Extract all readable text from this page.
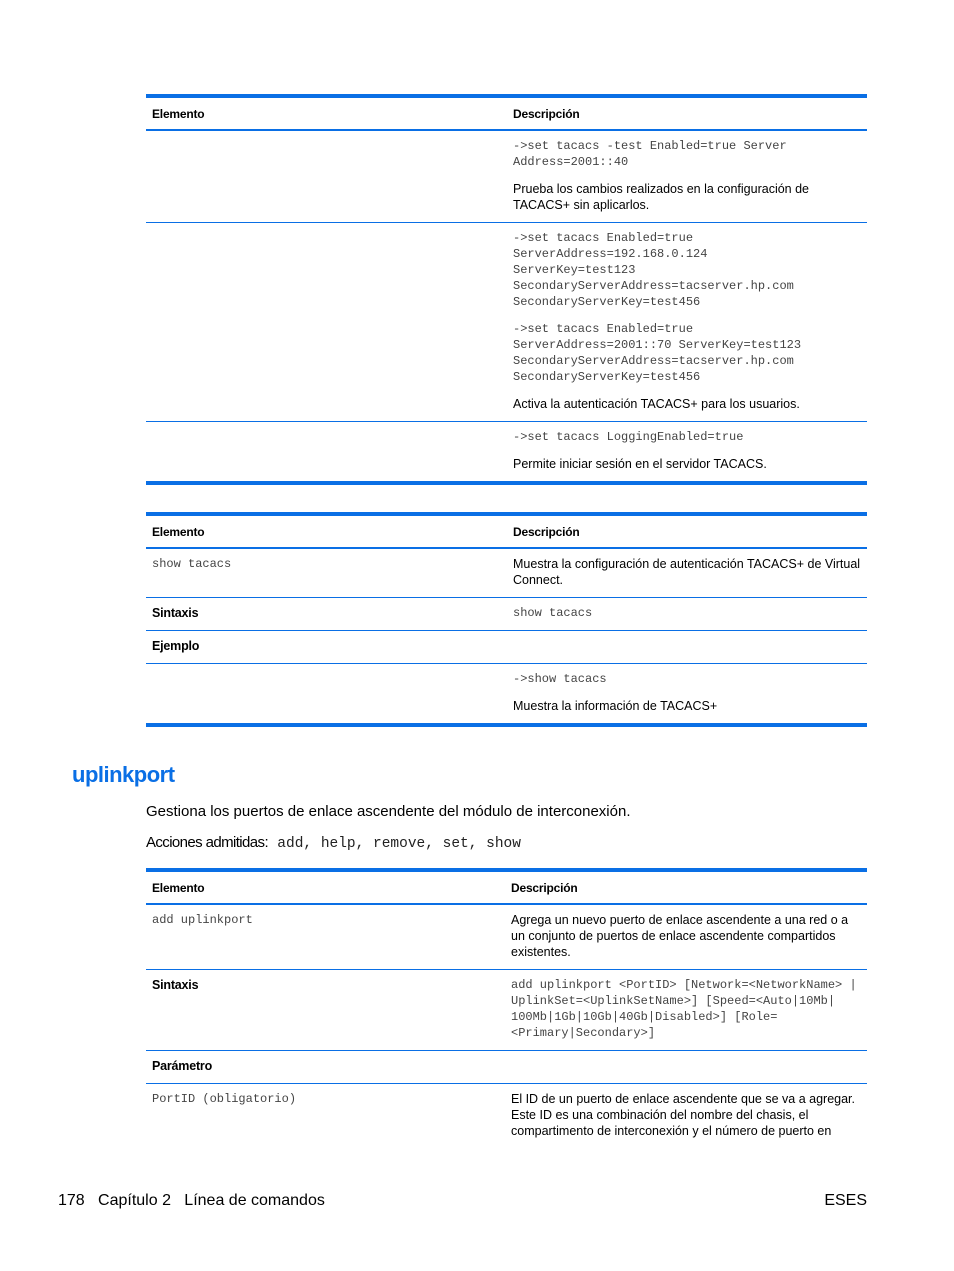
Elemento	Descripción

	->set tacacs -test Enabled=true Server Address=2001::40

Prueba los cambios realizados en la configuración de TACACS+ sin aplicarlos.

	->set tacacs Enabled=true ServerAddress=192.168.0.124 ServerKey=test123 SecondaryServerAddress=tacserver.hp.com SecondaryServerKey=test456

->set tacacs Enabled=true ServerAddress=2001::70 ServerKey=test123 SecondaryServerAddress=tacserver.hp.com SecondaryServerKey=test456

Activa la autenticación TACACS+ para los usuarios.

	->set tacacs LoggingEnabled=true

Permite iniciar sesión en el servidor TACACS.

Elemento	Descripción

show tacacs	Muestra la configuración de autenticación TACACS+ de Virtual Connect.

Sintaxis	show tacacs

Ejemplo	

	->show tacacs

Muestra la información de TACACS+

uplinkport

Gestiona los puertos de enlace ascendente del módulo de interconexión.

Acciones admitidas: add, help, remove, set, show

Elemento	Descripción

add uplinkport	Agrega un nuevo puerto de enlace ascendente a una red o a un conjunto de puertos de enlace ascendente compartidos existentes.

Sintaxis	add uplinkport <PortID> [Network=<NetworkName> | UplinkSet=<UplinkSetName>] [Speed=<Auto|10Mb| 100Mb|1Gb|10Gb|40Gb|Disabled>] [Role=<Primary|Secondary>]

Parámetro	

PortID (obligatorio)	El ID de un puerto de enlace ascendente que se va a agregar. Este ID es una combinación del nombre del chasis, el compartimento de interconexión y el número de puerto en

178   Capítulo 2   Línea de comandos	ESES
